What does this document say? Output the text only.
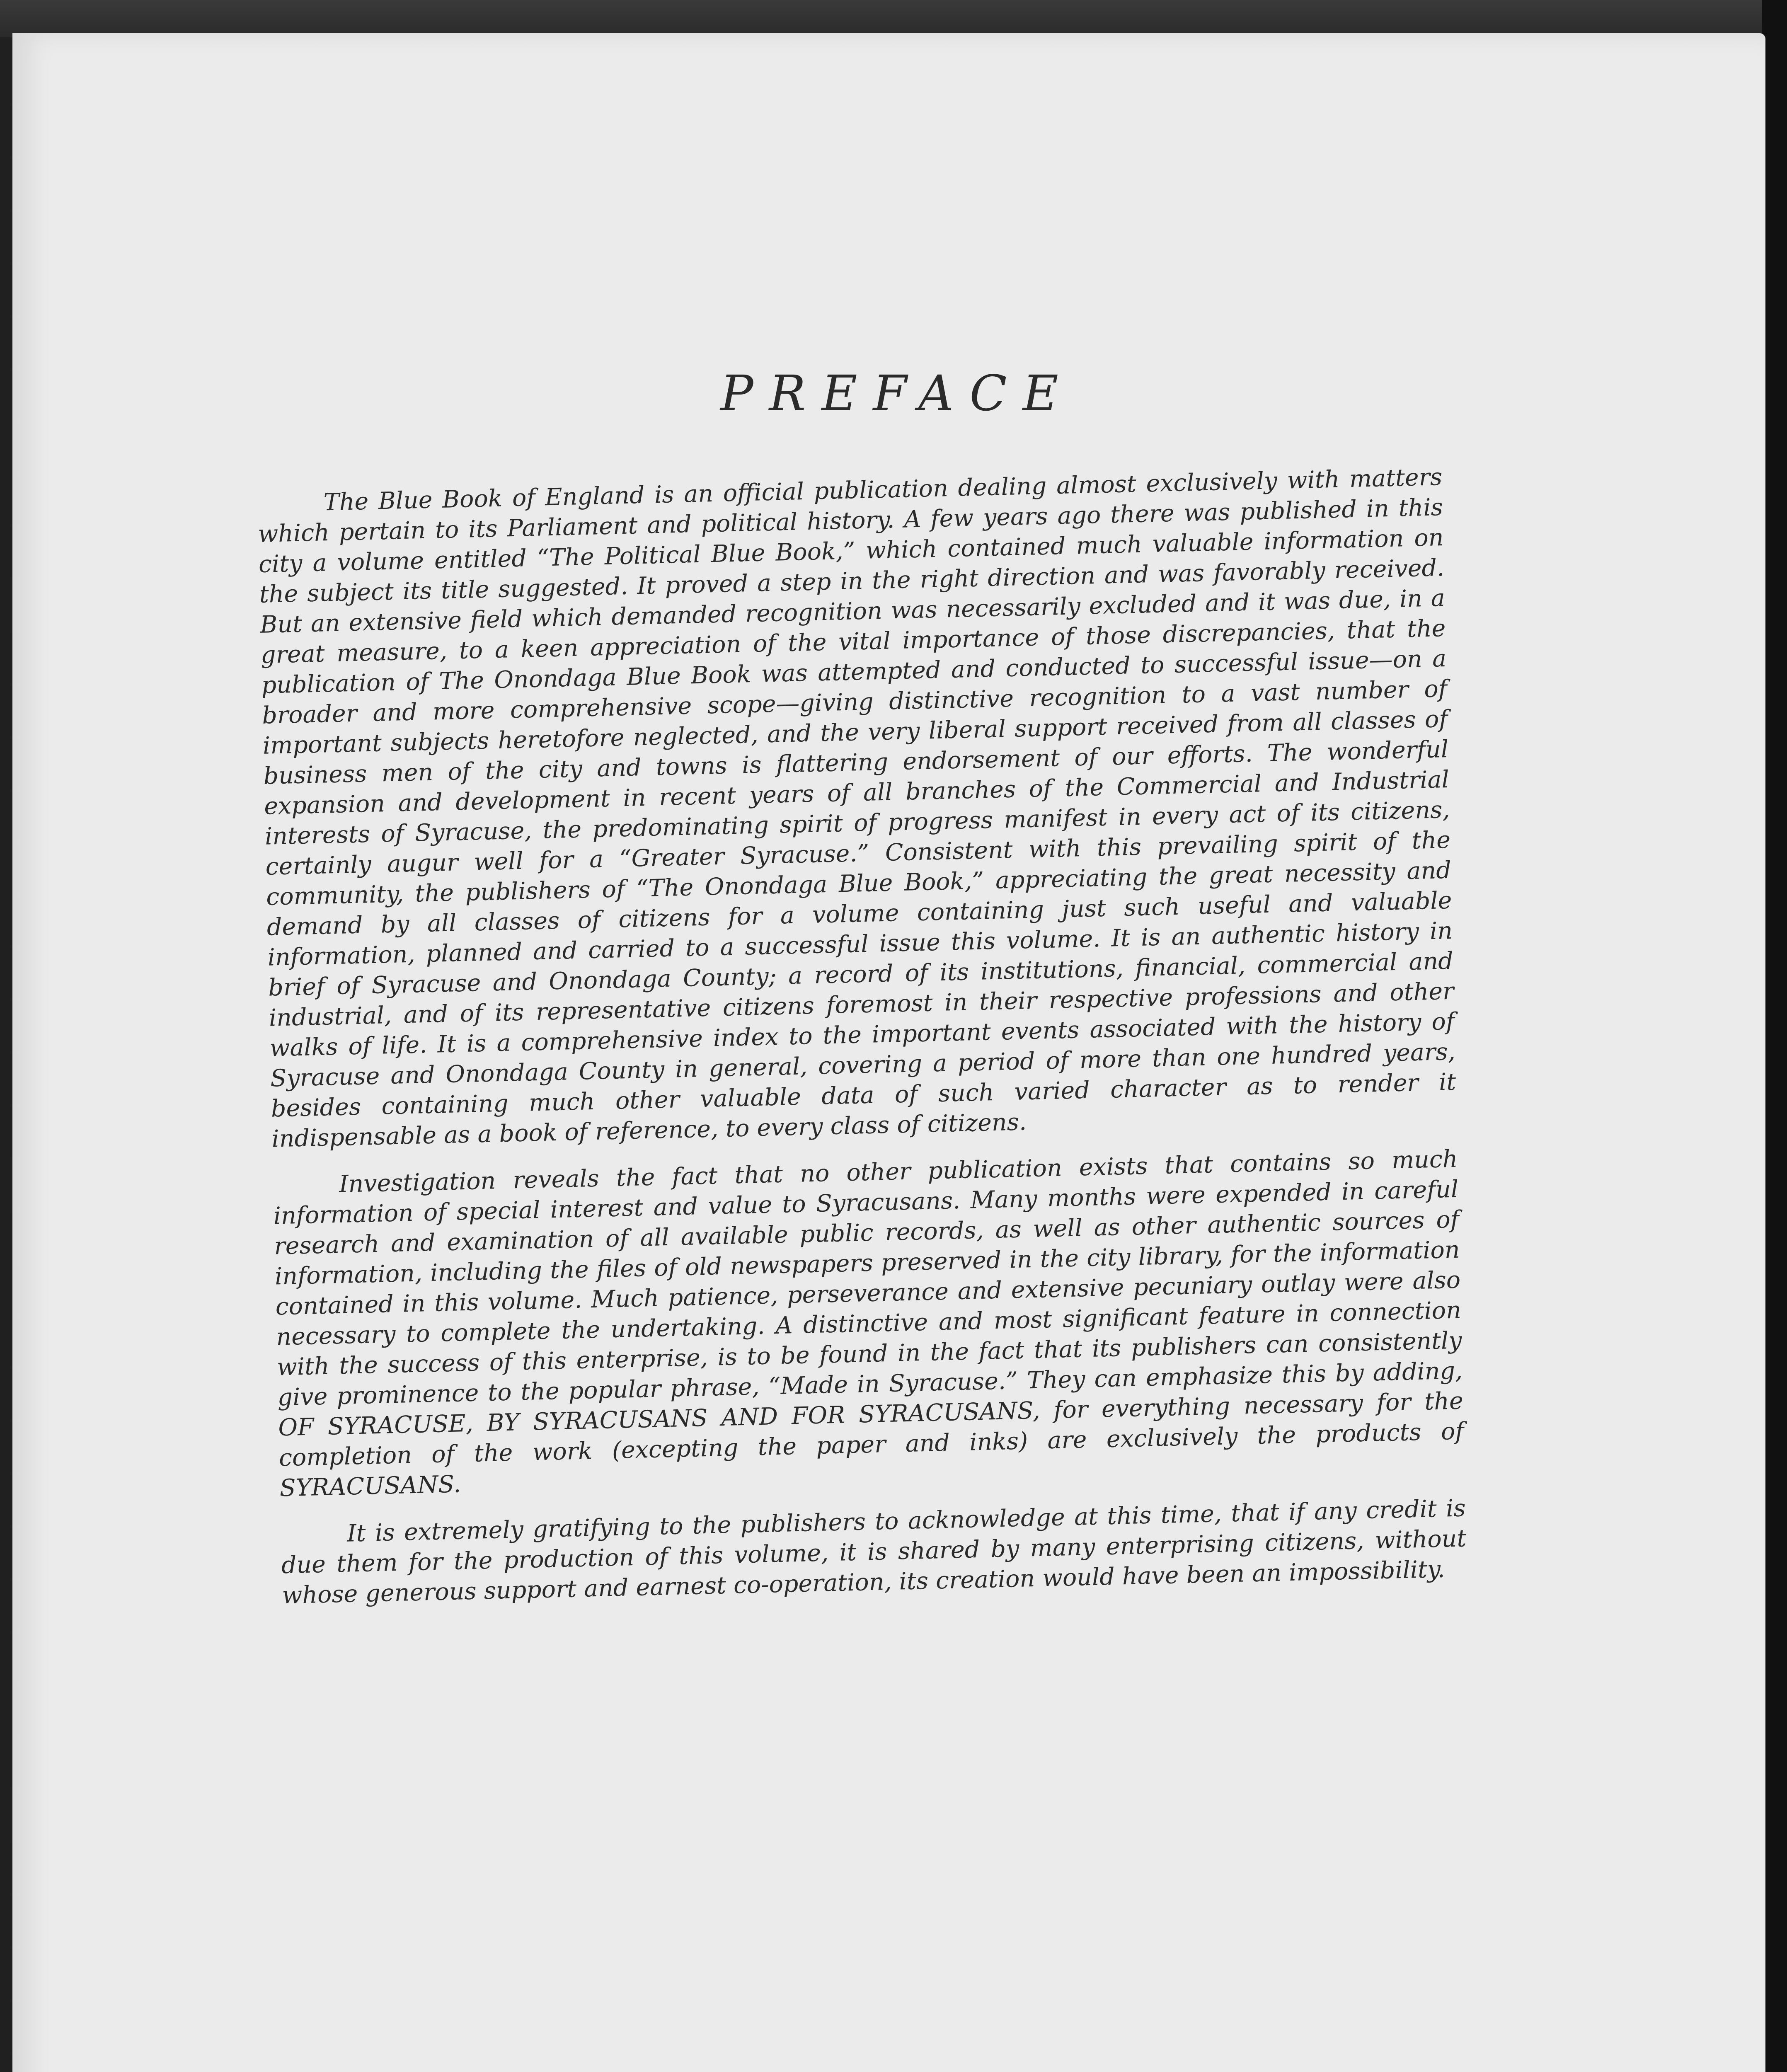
PREFACE

The Blue Book of England is an official publication dealing almost exclusively with matters which pertain to its Parliament and political history. A few years ago there was published in this city a volume entitled “The Political Blue Book,” which contained much valuable information on the subject its title suggested. It proved a step in the right direction and was favorably received. But an extensive field which demanded recognition was necessarily excluded and it was due, in a great measure, to a keen appreciation of the vital importance of those discrepancies, that the publication of The Onondaga Blue Book was attempted and conducted to successful issue—on a broader and more comprehensive scope—giving distinctive recognition to a vast number of important subjects heretofore neglected, and the very liberal support received from all classes of business men of the city and towns is flattering endorsement of our efforts. The wonderful expansion and development in recent years of all branches of the Commercial and Industrial interests of Syracuse, the predominating spirit of progress manifest in every act of its citizens, certainly augur well for a “Greater Syracuse.” Consistent with this prevailing spirit of the community, the publishers of “The Onondaga Blue Book,” appreciating the great necessity and demand by all classes of citizens for a volume containing just such useful and valuable information, planned and carried to a successful issue this volume. It is an authentic history in brief of Syracuse and Onondaga County; a record of its institutions, financial, commercial and industrial, and of its representative citizens foremost in their respective professions and other walks of life. It is a comprehensive index to the important events associated with the history of Syracuse and Onondaga County in general, covering a period of more than one hundred years, besides containing much other valuable data of such varied character as to render it indispensable as a book of reference, to every class of citizens.

Investigation reveals the fact that no other publication exists that contains so much information of special interest and value to Syracusans. Many months were expended in careful research and examination of all available public records, as well as other authentic sources of information, including the files of old newspapers preserved in the city library, for the information contained in this volume. Much patience, perseverance and extensive pecuniary outlay were also necessary to complete the undertaking. A distinctive and most significant feature in connection with the success of this enterprise, is to be found in the fact that its publishers can consistently give prominence to the popular phrase, “Made in Syracuse.” They can emphasize this by adding, OF SYRACUSE, BY SYRACUSANS AND FOR SYRACUSANS, for everything necessary for the completion of the work (excepting the paper and inks) are exclusively the products of SYRACUSANS.

It is extremely gratifying to the publishers to acknowledge at this time, that if any credit is due them for the production of this volume, it is shared by many enterprising citizens, without whose generous support and earnest co-operation, its creation would have been an impossibility.
